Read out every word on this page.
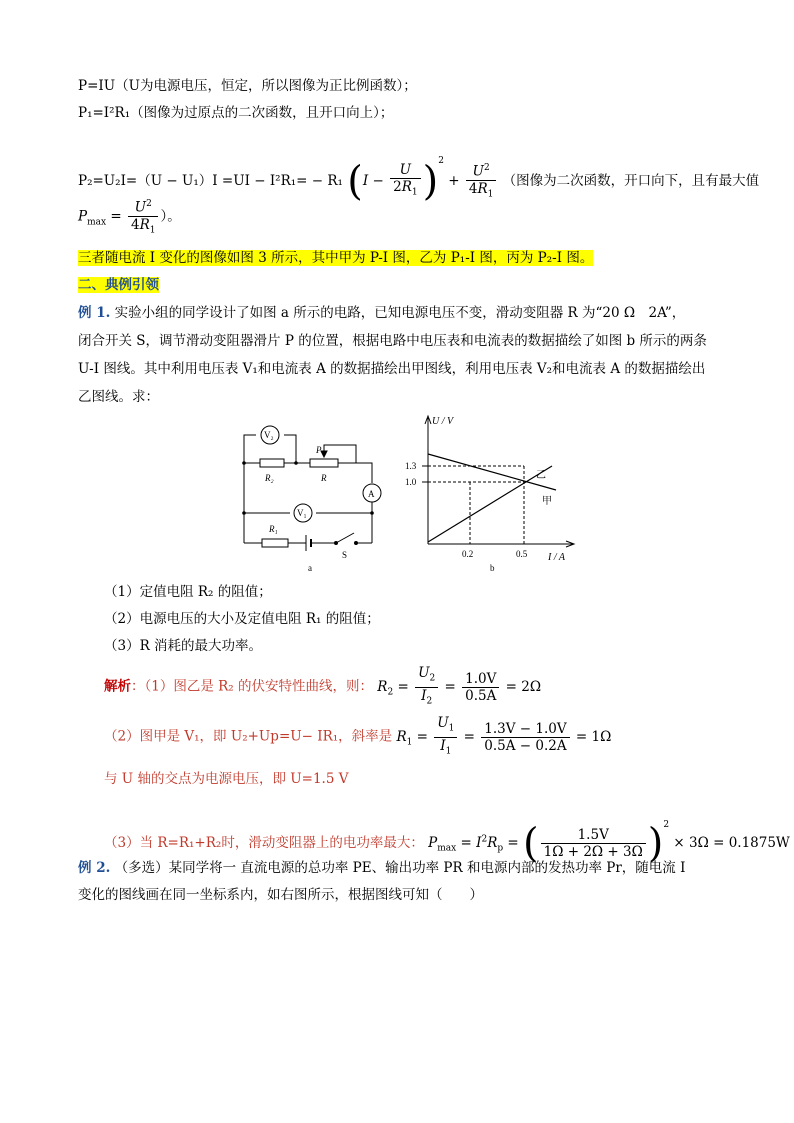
P=IU（U为电源电压，恒定，所以图像为正比例函数）；
P₁=I²R₁（图像为过原点的二次函数，且开口向上）；
P₂=U₂I=（U − U₁）I =UI − I²R₁= − R₁ $(I - \frac{U}{2R_1} )^2 + \frac{U^2}{4R_1}$ （图像为二次函数，开口向下，且有最大值
$P_{max} = \frac{U^2}{4R_1}$ ）。
三者随电流 I 变化的图像如图 3 所示，其中甲为 P-I 图，乙为 P₁-I 图，丙为 P₂-I 图。
二、典例引领
例 1. 实验小组的同学设计了如图 a 所示的电路，已知电源电压不变，滑动变阻器 R 为“20 Ω　2A”，
闭合开关 S，调节滑动变阻器滑片 P 的位置，根据电路中电压表和电流表的数据描绘了如图 b 所示的两条
U-I 图线。其中利用电压表 V₁和电流表 A 的数据描绘出甲图线，利用电压表 V₂和电流表 A 的数据描绘出
乙图线。求：
V₂
V₁
A
R₂	R
P
R₁
S
a
U / V
I / A
1.3
1.0
0.2	0.5
乙
甲
b
（1）定值电阻 R₂ 的阻值；
（2）电源电压的大小及定值电阻 R₁ 的阻值；
（3）R 消耗的最大功率。
解析：（1）图乙是 R₂ 的伏安特性曲线，则： $R_2 = \frac{U_2}{I_2} = \frac{1.0V}{0.5A} = 2\Omega$
（2）图甲是 V₁，即 U₂+Up=U− IR₁，斜率是 $R_1 = \frac{U_1}{I_1} = \frac{1.3V - 1.0V}{0.5A - 0.2A} = 1\Omega$
与 U 轴的交点为电源电压，即 U=1.5 V
（3）当 R=R₁+R₂时，滑动变阻器上的电功率最大： $P_{max} = I^2R_p$ = ( $\frac{1.5V}{1\Omega + 2\Omega + 3\Omega} )^2 \times 3\Omega = 0.1875W$
例 2. （多选）某同学将一 直流电源的总功率 PE、输出功率 PR 和电源内部的发热功率 Pr，随电流 I
变化的图线画在同一坐标系内，如右图所示，根据图线可知（　　）
